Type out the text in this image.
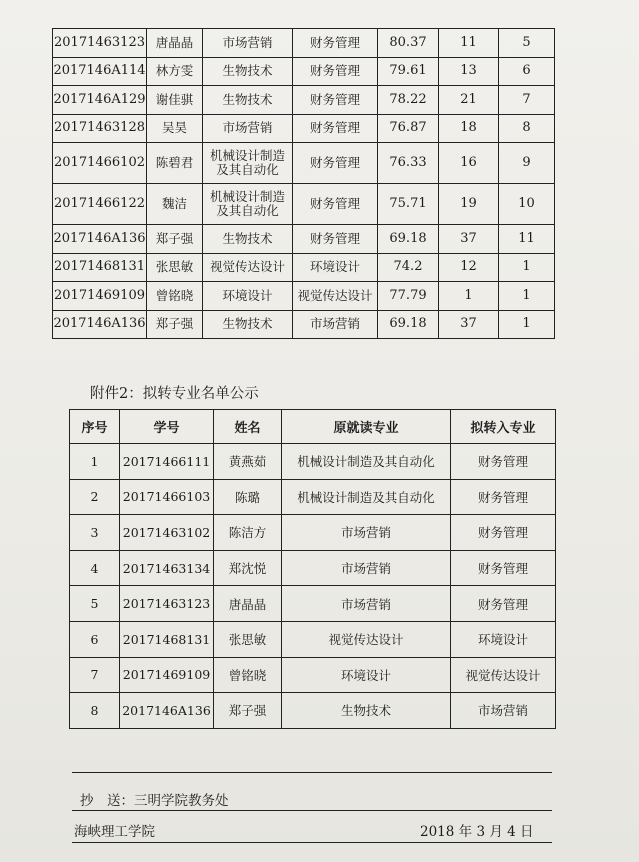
20171463123	唐晶晶	市场营销	财务管理	80.37	11	5
2017146A114	林方雯	生物技术	财务管理	79.61	13	6
2017146A129	谢佳骐	生物技术	财务管理	78.22	21	7
20171463128	吴昊	市场营销	财务管理	76.87	18	8
20171466102	陈碧君	机械设计制造
及其自动化	财务管理	76.33	16	9
20171466122	魏洁	机械设计制造
及其自动化	财务管理	75.71	19	10
2017146A136	郑子强	生物技术	财务管理	69.18	37	11
20171468131	张思敏	视觉传达设计	环境设计	74.2	12	1
20171469109	曾铭晓	环境设计	视觉传达设计	77.79	1	1
2017146A136	郑子强	生物技术	市场营销	69.18	37	1
附件2：拟转专业名单公示
序号	学号	姓名	原就读专业	拟转入专业
1	20171466111	黄燕茹	机械设计制造及其自动化	财务管理
2	20171466103	陈璐	机械设计制造及其自动化	财务管理
3	20171463102	陈洁方	市场营销	财务管理
4	20171463134	郑沈悦	市场营销	财务管理
5	20171463123	唐晶晶	市场营销	财务管理
6	20171468131	张思敏	视觉传达设计	环境设计
7	20171469109	曾铭晓	环境设计	视觉传达设计
8	2017146A136	郑子强	生物技术	市场营销
抄　送：三明学院教务处
海峡理工学院	2018 年 3 月 4 日
